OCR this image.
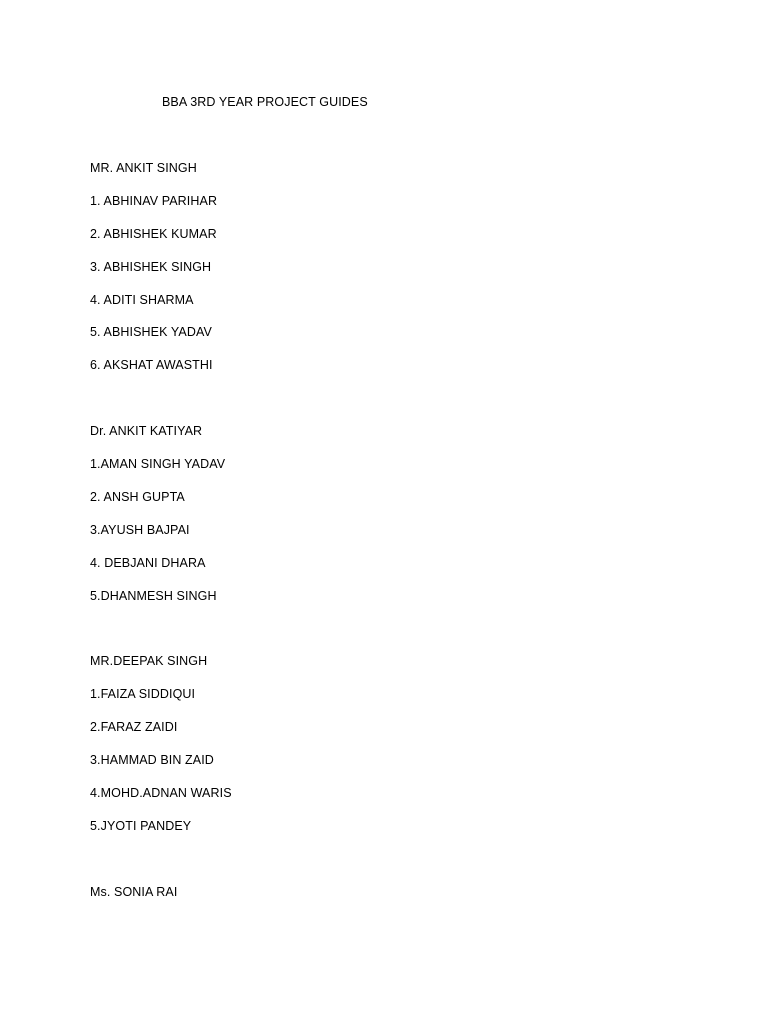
BBA 3RD YEAR PROJECT GUIDES
MR. ANKIT SINGH
1. ABHINAV PARIHAR
2. ABHISHEK KUMAR
3. ABHISHEK SINGH
4. ADITI SHARMA
5. ABHISHEK YADAV
6. AKSHAT AWASTHI
Dr. ANKIT KATIYAR
1.AMAN SINGH YADAV
2. ANSH GUPTA
3.AYUSH BAJPAI
4. DEBJANI DHARA
5.DHANMESH SINGH
MR.DEEPAK SINGH
1.FAIZA SIDDIQUI
2.FARAZ ZAIDI
3.HAMMAD BIN ZAID
4.MOHD.ADNAN WARIS
5.JYOTI PANDEY
Ms. SONIA RAI
